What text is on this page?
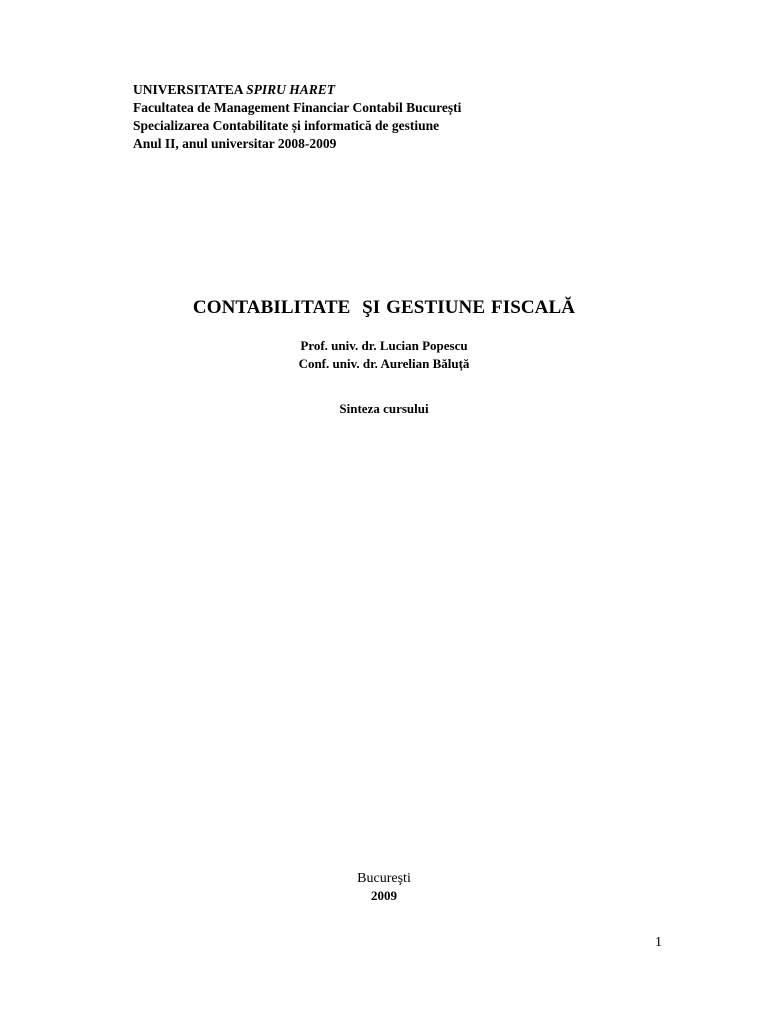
UNIVERSITATEA SPIRU HARET
Facultatea de Management Financiar Contabil București
Specializarea Contabilitate și informatică de gestiune
Anul II, anul universitar 2008-2009
CONTABILITATE  ŞI GESTIUNE FISCALĂ
Prof. univ. dr. Lucian Popescu
Conf. univ. dr. Aurelian Băluță
Sinteza cursului
Bucureşti
2009
1
